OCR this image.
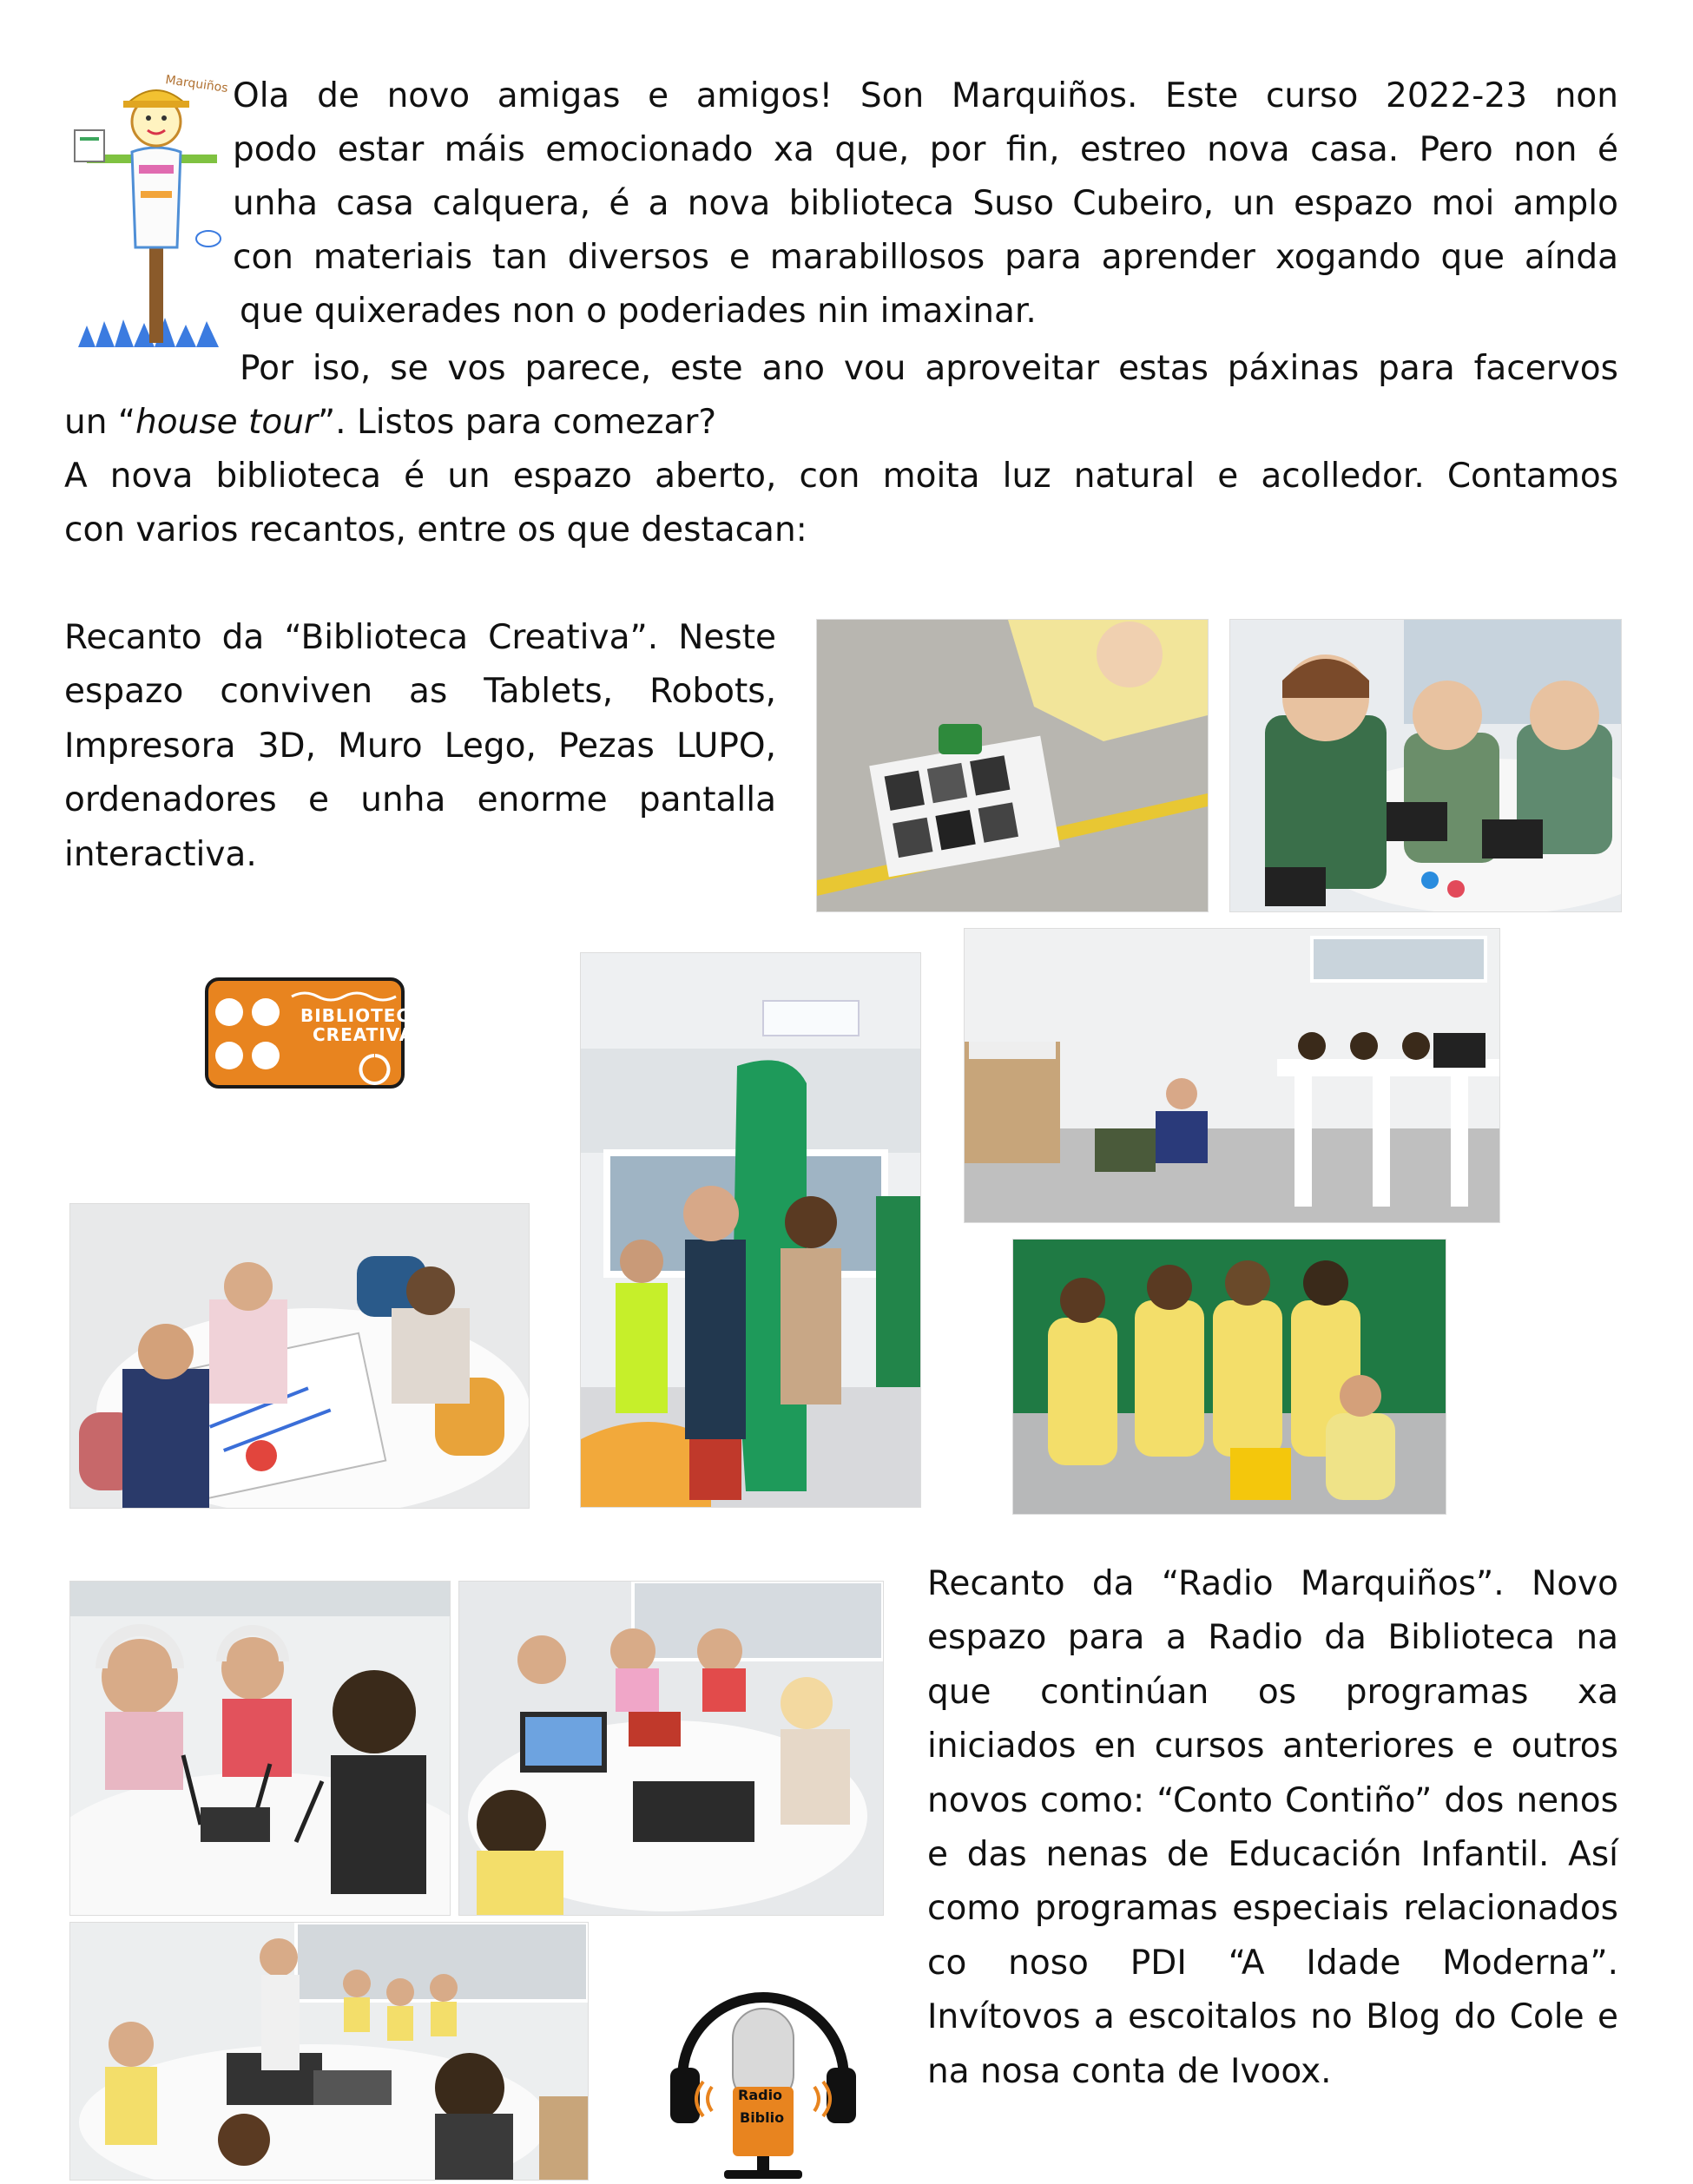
Marquiños Ola de novo amigas e amigos! Son Marquiños. Este curso 2022-23 non

podo estar máis emocionado xa que, por fin, estreo nova casa. Pero non é

unha casa calquera, é a nova biblioteca Suso Cubeiro, un espazo moi amplo

con materiais tan diversos e marabillosos para aprender xogando que aínda

que quixerades non o poderiades nin imaxinar.

Por iso, se vos parece, este ano vou aproveitar estas páxinas para facervos

un “house tour”. Listos para comezar?

A nova biblioteca é un espazo aberto, con moita luz natural e acolledor. Contamos

con varios recantos, entre os que destacan:

Recanto da “Biblioteca Creativa”. Neste espazo conviven as Tablets, Robots, Impresora 3D, Muro Lego, Pezas LUPO, ordenadores e unha enorme pantalla interactiva.
BIBLIOTECA
CREATIVA
Radio
Biblio
Recanto da “Radio Marquiños”. Novo espazo para a Radio da Biblioteca na que continúan os programas xa iniciados en cursos anteriores e outros novos como: “Conto Contiño” dos nenos e das nenas de Educación Infantil. Así como programas especiais relacionados co noso PDI “A Idade Moderna”. Invítovos a escoitalos no Blog do Cole e na nosa conta de Ivoox.
